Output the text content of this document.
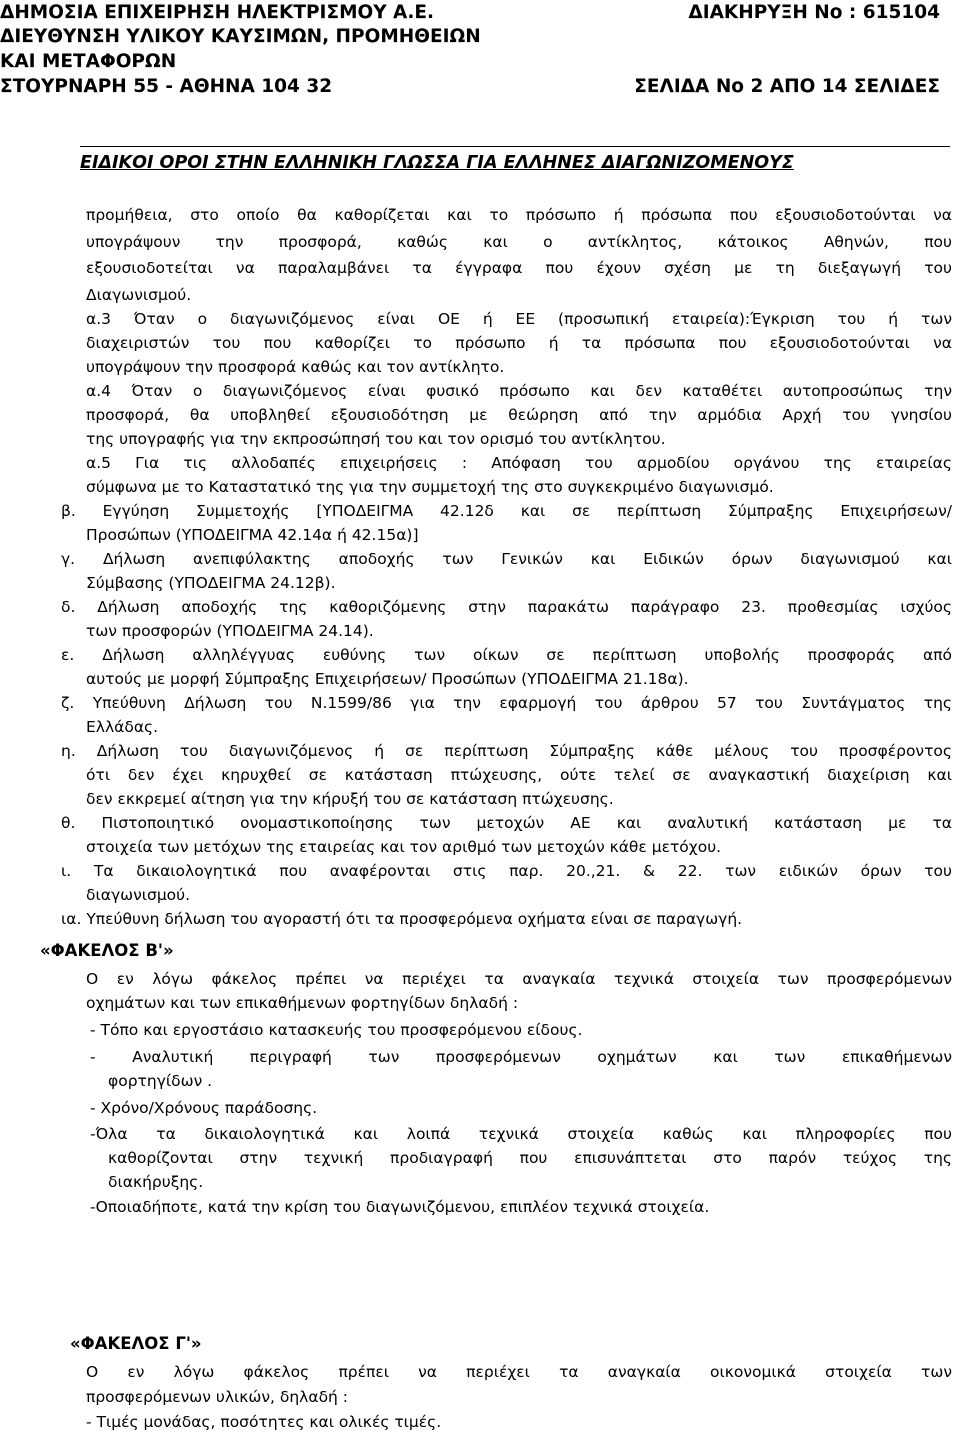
ΔΗΜΟΣΙΑ ΕΠΙΧΕΙΡΗΣΗ ΗΛΕΚΤΡΙΣΜΟΥ Α.Ε.	ΔΙΑΚΗΡΥΞΗ Νο : 615104
ΔΙΕΥΘΥΝΣΗ ΥΛΙΚΟΥ ΚΑΥΣΙΜΩΝ, ΠΡΟΜΗΘΕΙΩΝ
ΚΑΙ ΜΕΤΑΦΟΡΩΝ
ΣΤΟΥΡΝΑΡΗ 55 - ΑΘΗΝΑ 104 32	ΣΕΛΙΔΑ Νο 2 ΑΠΟ 14 ΣΕΛΙΔΕΣ
ΕΙΔΙΚΟΙ ΟΡΟΙ ΣΤΗΝ ΕΛΛΗΝΙΚΗ ΓΛΩΣΣΑ ΓΙΑ ΕΛΛΗΝΕΣ ΔΙΑΓΩΝΙΖΟΜΕΝΟΥΣ
προμήθεια, στο οποίο θα καθορίζεται και το πρόσωπο ή πρόσωπα που εξουσιοδοτούνται να
υπογράψουν την προσφορά, καθώς και ο αντίκλητος, κάτοικος Αθηνών, που
εξουσιοδοτείται να παραλαμβάνει τα έγγραφα που έχουν σχέση με τη διεξαγωγή του
Διαγωνισμού.
α.3 Όταν ο διαγωνιζόμενος είναι ΟΕ ή ΕΕ (προσωπική εταιρεία):Έγκριση του ή των
διαχειριστών του που καθορίζει το πρόσωπο ή τα πρόσωπα που εξουσιοδοτούνται να
υπογράψουν την προσφορά καθώς και τον αντίκλητο.
α.4 Όταν ο διαγωνιζόμενος είναι φυσικό πρόσωπο και δεν καταθέτει αυτοπροσώπως την
προσφορά, θα υποβληθεί εξουσιοδότηση με θεώρηση από την αρμόδια Αρχή του γνησίου
της υπογραφής για την εκπροσώπησή του και τον ορισμό του αντίκλητου.
α.5 Για τις αλλοδαπές επιχειρήσεις : Απόφαση του αρμοδίου οργάνου της εταιρείας
σύμφωνα με το Καταστατικό της για την συμμετοχή της στο συγκεκριμένο διαγωνισμό.
β. Εγγύηση Συμμετοχής [ΥΠΟΔΕΙΓΜΑ 42.12δ και σε περίπτωση Σύμπραξης Επιχειρήσεων/
Προσώπων (ΥΠΟΔΕΙΓΜΑ 42.14α ή 42.15α)]
γ. Δήλωση ανεπιφύλακτης αποδοχής των Γενικών και Ειδικών όρων διαγωνισμού και
Σύμβασης (ΥΠΟΔΕΙΓΜΑ 24.12β).
δ. Δήλωση αποδοχής της καθοριζόμενης στην παρακάτω παράγραφο 23. προθεσμίας ισχύος
των προσφορών (ΥΠΟΔΕΙΓΜΑ 24.14).
ε. Δήλωση αλληλέγγυας ευθύνης των οίκων σε περίπτωση υποβολής προσφοράς από
αυτούς με μορφή Σύμπραξης Επιχειρήσεων/ Προσώπων (ΥΠΟΔΕΙΓΜΑ 21.18α).
ζ. Υπεύθυνη Δήλωση του Ν.1599/86 για την εφαρμογή του άρθρου 57 του Συντάγματος της
Ελλάδας.
η. Δήλωση του διαγωνιζόμενος ή σε περίπτωση Σύμπραξης κάθε μέλους του προσφέροντος
ότι δεν έχει κηρυχθεί σε κατάσταση πτώχευσης, ούτε τελεί σε αναγκαστική διαχείριση και
δεν εκκρεμεί αίτηση για την κήρυξή του σε κατάσταση πτώχευσης.
θ. Πιστοποιητικό ονομαστικοποίησης των μετοχών ΑΕ και αναλυτική κατάσταση με τα
στοιχεία των μετόχων της εταιρείας και τον αριθμό των μετοχών κάθε μετόχου.
ι. Τα δικαιολογητικά που αναφέρονται στις παρ. 20.,21. & 22. των ειδικών όρων του
διαγωνισμού.
ια. Υπεύθυνη δήλωση του αγοραστή ότι τα προσφερόμενα οχήματα είναι σε παραγωγή.
«ΦΑΚΕΛΟΣ Β'»
Ο εν λόγω φάκελος πρέπει να περιέχει τα αναγκαία τεχνικά στοιχεία των προσφερόμενων
οχημάτων και των επικαθήμενων φορτηγίδων δηλαδή :
- Τόπο και εργοστάσιο κατασκευής του προσφερόμενου είδους.
- Αναλυτική περιγραφή των προσφερόμενων οχημάτων και των επικαθήμενων
φορτηγίδων .
- Χρόνο/Χρόνους παράδοσης.
-Όλα τα δικαιολογητικά και λοιπά τεχνικά στοιχεία καθώς και πληροφορίες που
καθορίζονται στην τεχνική προδιαγραφή που επισυνάπτεται στο παρόν τεύχος της
διακήρυξης.
-Οποιαδήποτε, κατά την κρίση του διαγωνιζόμενου, επιπλέον τεχνικά στοιχεία.
«ΦΑΚΕΛΟΣ Γ'»
Ο εν λόγω φάκελος πρέπει να περιέχει τα αναγκαία οικονομικά στοιχεία των
προσφερόμενων υλικών, δηλαδή :
- Τιμές μονάδας, ποσότητες και ολικές τιμές.
